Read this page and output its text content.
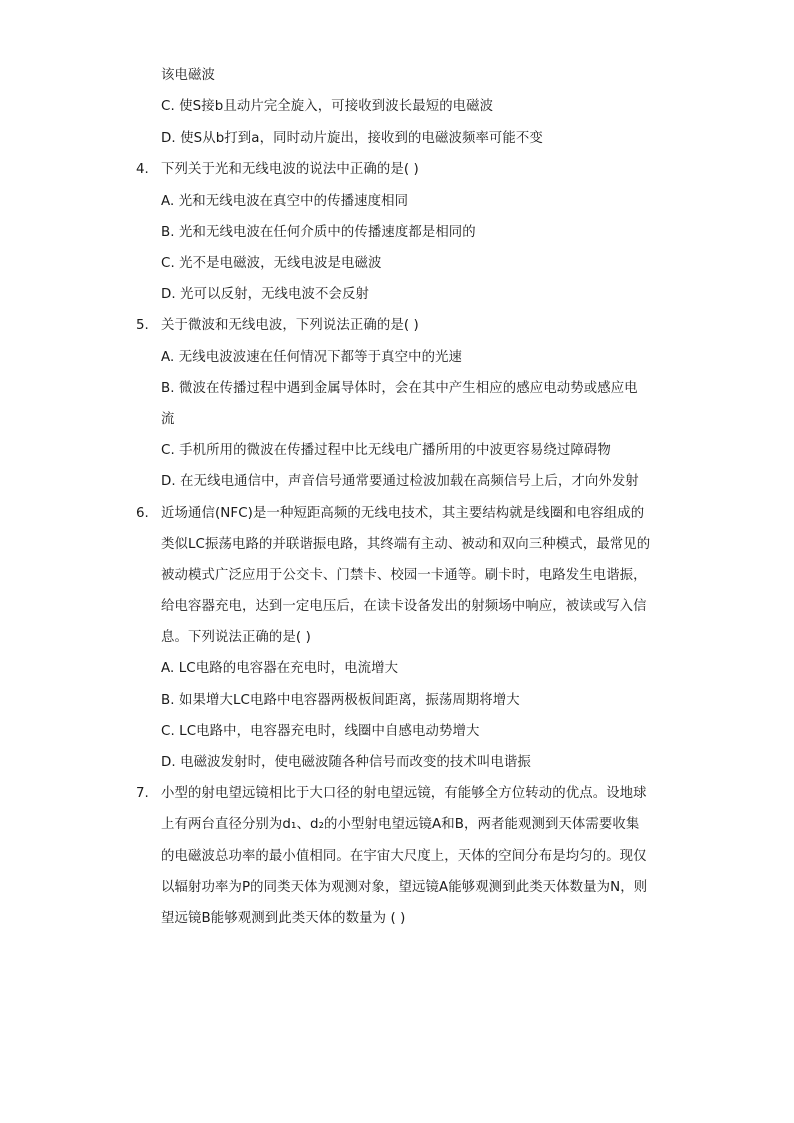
该电磁波
C. 使S接b且动片完全旋入，可接收到波长最短的电磁波
D. 使S从b打到a，同时动片旋出，接收到的电磁波频率可能不变
4. 下列关于光和无线电波的说法中正确的是( )
A. 光和无线电波在真空中的传播速度相同
B. 光和无线电波在任何介质中的传播速度都是相同的
C. 光不是电磁波，无线电波是电磁波
D. 光可以反射，无线电波不会反射
5. 关于微波和无线电波，下列说法正确的是( )
A. 无线电波波速在任何情况下都等于真空中的光速
B. 微波在传播过程中遇到金属导体时，会在其中产生相应的感应电动势或感应电
流
C. 手机所用的微波在传播过程中比无线电广播所用的中波更容易绕过障碍物
D. 在无线电通信中，声音信号通常要通过检波加载在高频信号上后，才向外发射
6. 近场通信(NFC)是一种短距高频的无线电技术，其主要结构就是线圈和电容组成的
类似LC振荡电路的并联谐振电路，其终端有主动、被动和双向三种模式，最常见的
被动模式广泛应用于公交卡、门禁卡、校园一卡通等。刷卡时，电路发生电谐振，
给电容器充电，达到一定电压后，在读卡设备发出的射频场中响应，被读或写入信
息。下列说法正确的是( )
A. LC电路的电容器在充电时，电流增大
B. 如果增大LC电路中电容器两极板间距离，振荡周期将增大
C. LC电路中，电容器充电时，线圈中自感电动势增大
D. 电磁波发射时，使电磁波随各种信号而改变的技术叫电谐振
7. 小型的射电望远镜相比于大口径的射电望远镜，有能够全方位转动的优点。设地球
上有两台直径分别为d₁、d₂的小型射电望远镜A和B，两者能观测到天体需要收集
的电磁波总功率的最小值相同。在宇宙大尺度上，天体的空间分布是均匀的。现仅
以辐射功率为P的同类天体为观测对象，望远镜A能够观测到此类天体数量为N，则
望远镜B能够观测到此类天体的数量为 ( )
